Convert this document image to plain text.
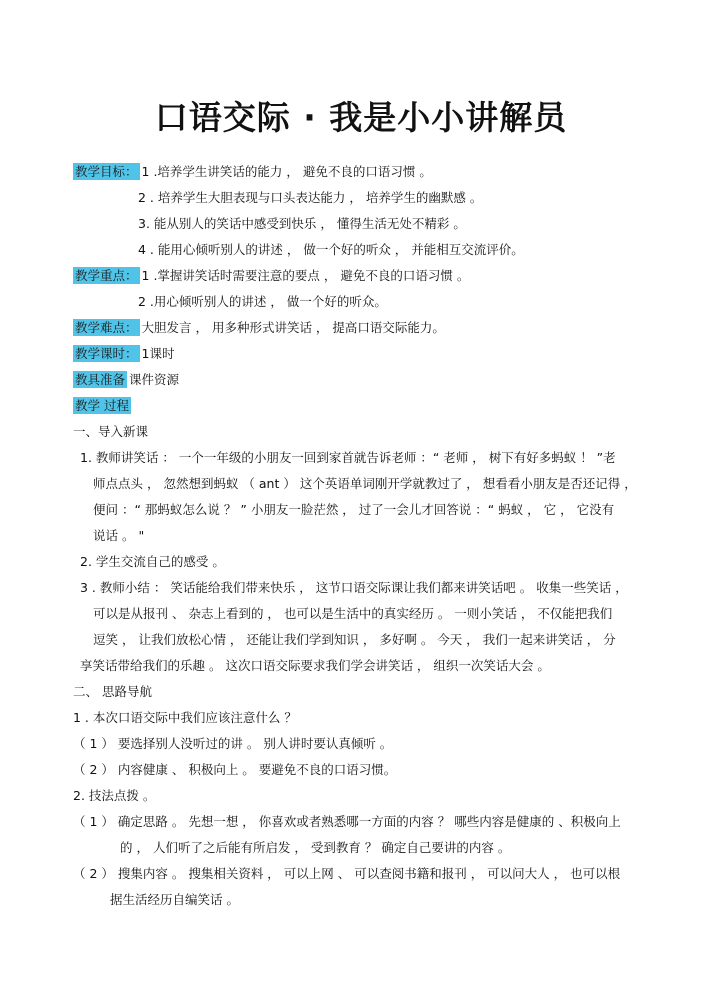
口语交际 · 我是小小讲解员
教学目标： 1 .培养学生讲笑话的能力 ， 避免不良的口语习惯 。
2 . 培养学生大胆表现与口头表达能力 ， 培养学生的幽默感 。
3. 能从别人的笑话中感受到快乐 ， 懂得生活无处不精彩 。
4 . 能用心倾听别人的讲述 ， 做一个好的听众 ， 并能相互交流评价。
教学重点： 1 .掌握讲笑话时需要注意的要点 ， 避免不良的口语习惯 。
2 .用心倾听别人的讲述 ， 做一个好的听众。
教学难点： 大胆发言 ， 用多种形式讲笑话 ， 提高口语交际能力。
教学课时： 1课时
教具准备 课件资源
教学 过程
一、导入新课
1. 教师讲笑话 ： 一个一年级的小朋友一回到家首就告诉老师 ：“ 老师 ， 树下有好多蚂蚁 ！ ”老
师点点头 ， 忽然想到蚂蚁 （ ant ） 这个英语单词刚开学就教过了 ， 想看看小朋友是否还记得 ，
便问 ：“ 那蚂蚁怎么说 ？ ” 小朋友一脸茫然 ， 过了一会儿才回答说 ：“ 蚂蚁 ， 它 ， 它没有
说话 。 "
2. 学生交流自己的感受 。
3 . 教师小结 ： 笑话能给我们带来快乐 ， 这节口语交际课让我们都来讲笑话吧 。 收集一些笑话 ，
可以是从报刊 、 杂志上看到的 ， 也可以是生活中的真实经历 。 一则小笑话 ， 不仅能把我们
逗笑 ， 让我们放松心情 ， 还能让我们学到知识 ， 多好啊 。 今天 ， 我们一起来讲笑话 ， 分
享笑话带给我们的乐趣 。 这次口语交际要求我们学会讲笑话 ， 组织一次笑话大会 。
二、 思路导航
1 . 本次口语交际中我们应该注意什么 ？
（ 1 ） 要选择别人没听过的讲 。 别人讲时要认真倾听 。
（ 2 ） 内容健康 、 积极向上 。 要避免不良的口语习惯。
2. 技法点拨 。
（ 1 ） 确定思路 。 先想一想 ， 你喜欢或者熟悉哪一方面的内容 ？ 哪些内容是健康的 、积极向上
的 ， 人们听了之后能有所启发 ， 受到教育 ？ 确定自己要讲的内容 。
（ 2 ） 搜集内容 。 搜集相关资料 ， 可以上网 、 可以查阅书籍和报刊 ， 可以问大人 ， 也可以根
据生活经历自编笑话 。
